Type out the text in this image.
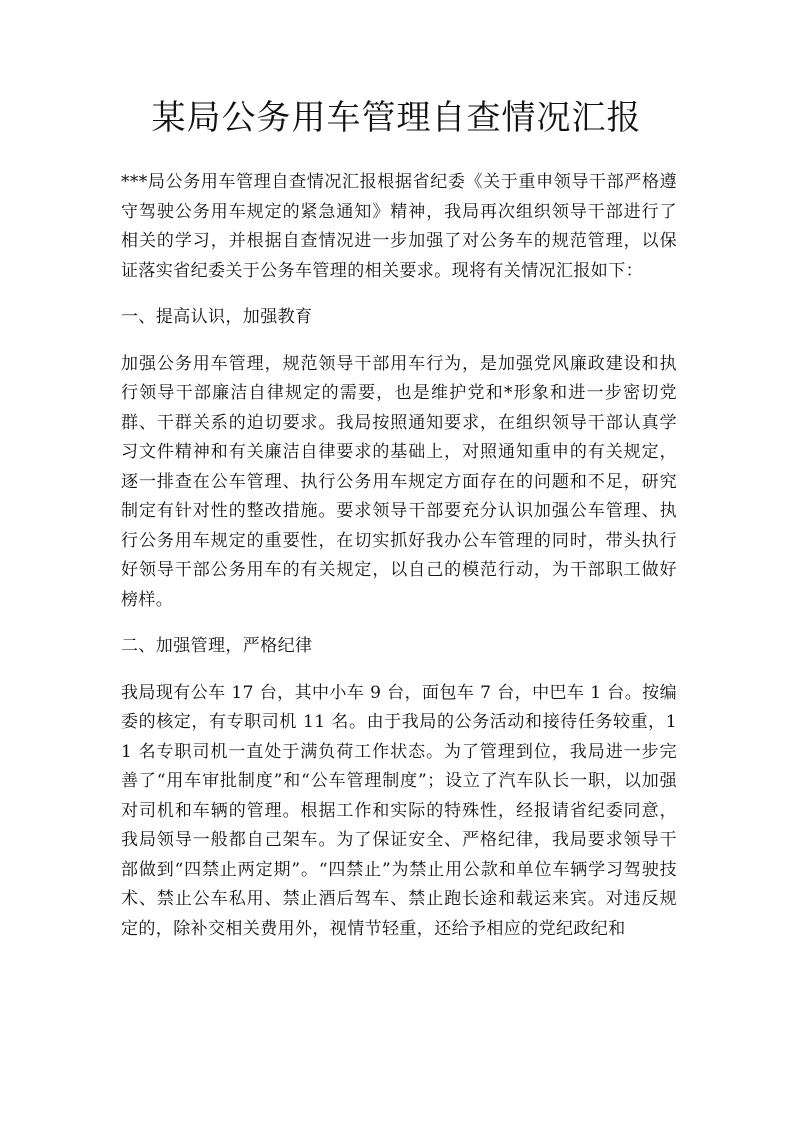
某局公务用车管理自查情况汇报

***局公务用车管理自查情况汇报根据省纪委《关于重申领导干部严格遵守驾驶公务用车规定的紧急通知》精神，我局再次组织领导干部进行了相关的学习，并根据自查情况进一步加强了对公务车的规范管理，以保证落实省纪委关于公务车管理的相关要求。现将有关情况汇报如下：

一、提高认识，加强教育

加强公务用车管理，规范领导干部用车行为，是加强党风廉政建设和执行领导干部廉洁自律规定的需要，也是维护党和*形象和进一步密切党群、干群关系的迫切要求。我局按照通知要求，在组织领导干部认真学习文件精神和有关廉洁自律要求的基础上，对照通知重申的有关规定，逐一排查在公车管理、执行公务用车规定方面存在的问题和不足，研究制定有针对性的整改措施。要求领导干部要充分认识加强公车管理、执行公务用车规定的重要性，在切实抓好我办公车管理的同时，带头执行好领导干部公务用车的有关规定，以自己的模范行动，为干部职工做好榜样。

二、加强管理，严格纪律

我局现有公车 17 台，其中小车 9 台，面包车 7 台，中巴车 1 台。按编委的核定，有专职司机 11 名。由于我局的公务活动和接待任务较重，11 名专职司机一直处于满负荷工作状态。为了管理到位，我局进一步完善了“用车审批制度”和“公车管理制度”；设立了汽车队长一职，以加强对司机和车辆的管理。根据工作和实际的特殊性，经报请省纪委同意，我局领导一般都自己架车。为了保证安全、严格纪律，我局要求领导干部做到“四禁止两定期”。“四禁止”为禁止用公款和单位车辆学习驾驶技术、禁止公车私用、禁止酒后驾车、禁止跑长途和载运来宾。对违反规定的，除补交相关费用外，视情节轻重，还给予相应的党纪政纪和
